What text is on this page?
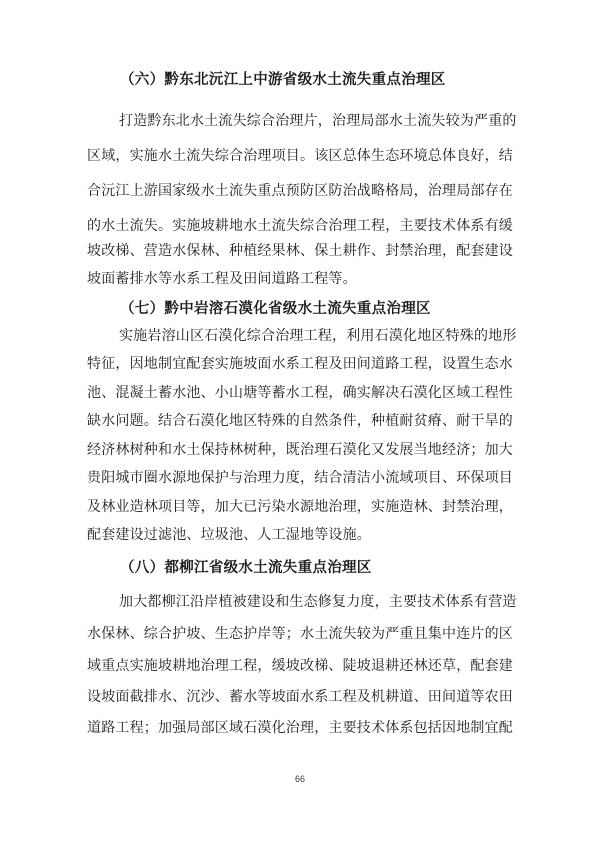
（六）黔东北沅江上中游省级水土流失重点治理区
打造黔东北水土流失综合治理片，治理局部水土流失较为严重的
区域，实施水土流失综合治理项目。该区总体生态环境总体良好，结
合沅江上游国家级水土流失重点预防区防治战略格局，治理局部存在
的水土流失。实施坡耕地水土流失综合治理工程，主要技术体系有缓
坡改梯、营造水保林、种植经果林、保土耕作、封禁治理，配套建设
坡面蓄排水等水系工程及田间道路工程等。
（七）黔中岩溶石漠化省级水土流失重点治理区
实施岩溶山区石漠化综合治理工程，利用石漠化地区特殊的地形
特征，因地制宜配套实施坡面水系工程及田间道路工程，设置生态水
池、混凝土蓄水池、小山塘等蓄水工程，确实解决石漠化区域工程性
缺水问题。结合石漠化地区特殊的自然条件，种植耐贫瘠、耐干旱的
经济林树种和水土保持林树种，既治理石漠化又发展当地经济；加大
贵阳城市圈水源地保护与治理力度，结合清洁小流域项目、环保项目
及林业造林项目等，加大已污染水源地治理，实施造林、封禁治理，
配套建设过滤池、垃圾池、人工湿地等设施。
（八）都柳江省级水土流失重点治理区
加大都柳江沿岸植被建设和生态修复力度，主要技术体系有营造
水保林、综合护坡、生态护岸等；水土流失较为严重且集中连片的区
域重点实施坡耕地治理工程，缓坡改梯、陡坡退耕还林还草，配套建
设坡面截排水、沉沙、蓄水等坡面水系工程及机耕道、田间道等农田
道路工程；加强局部区域石漠化治理，主要技术体系包括因地制宜配
66
